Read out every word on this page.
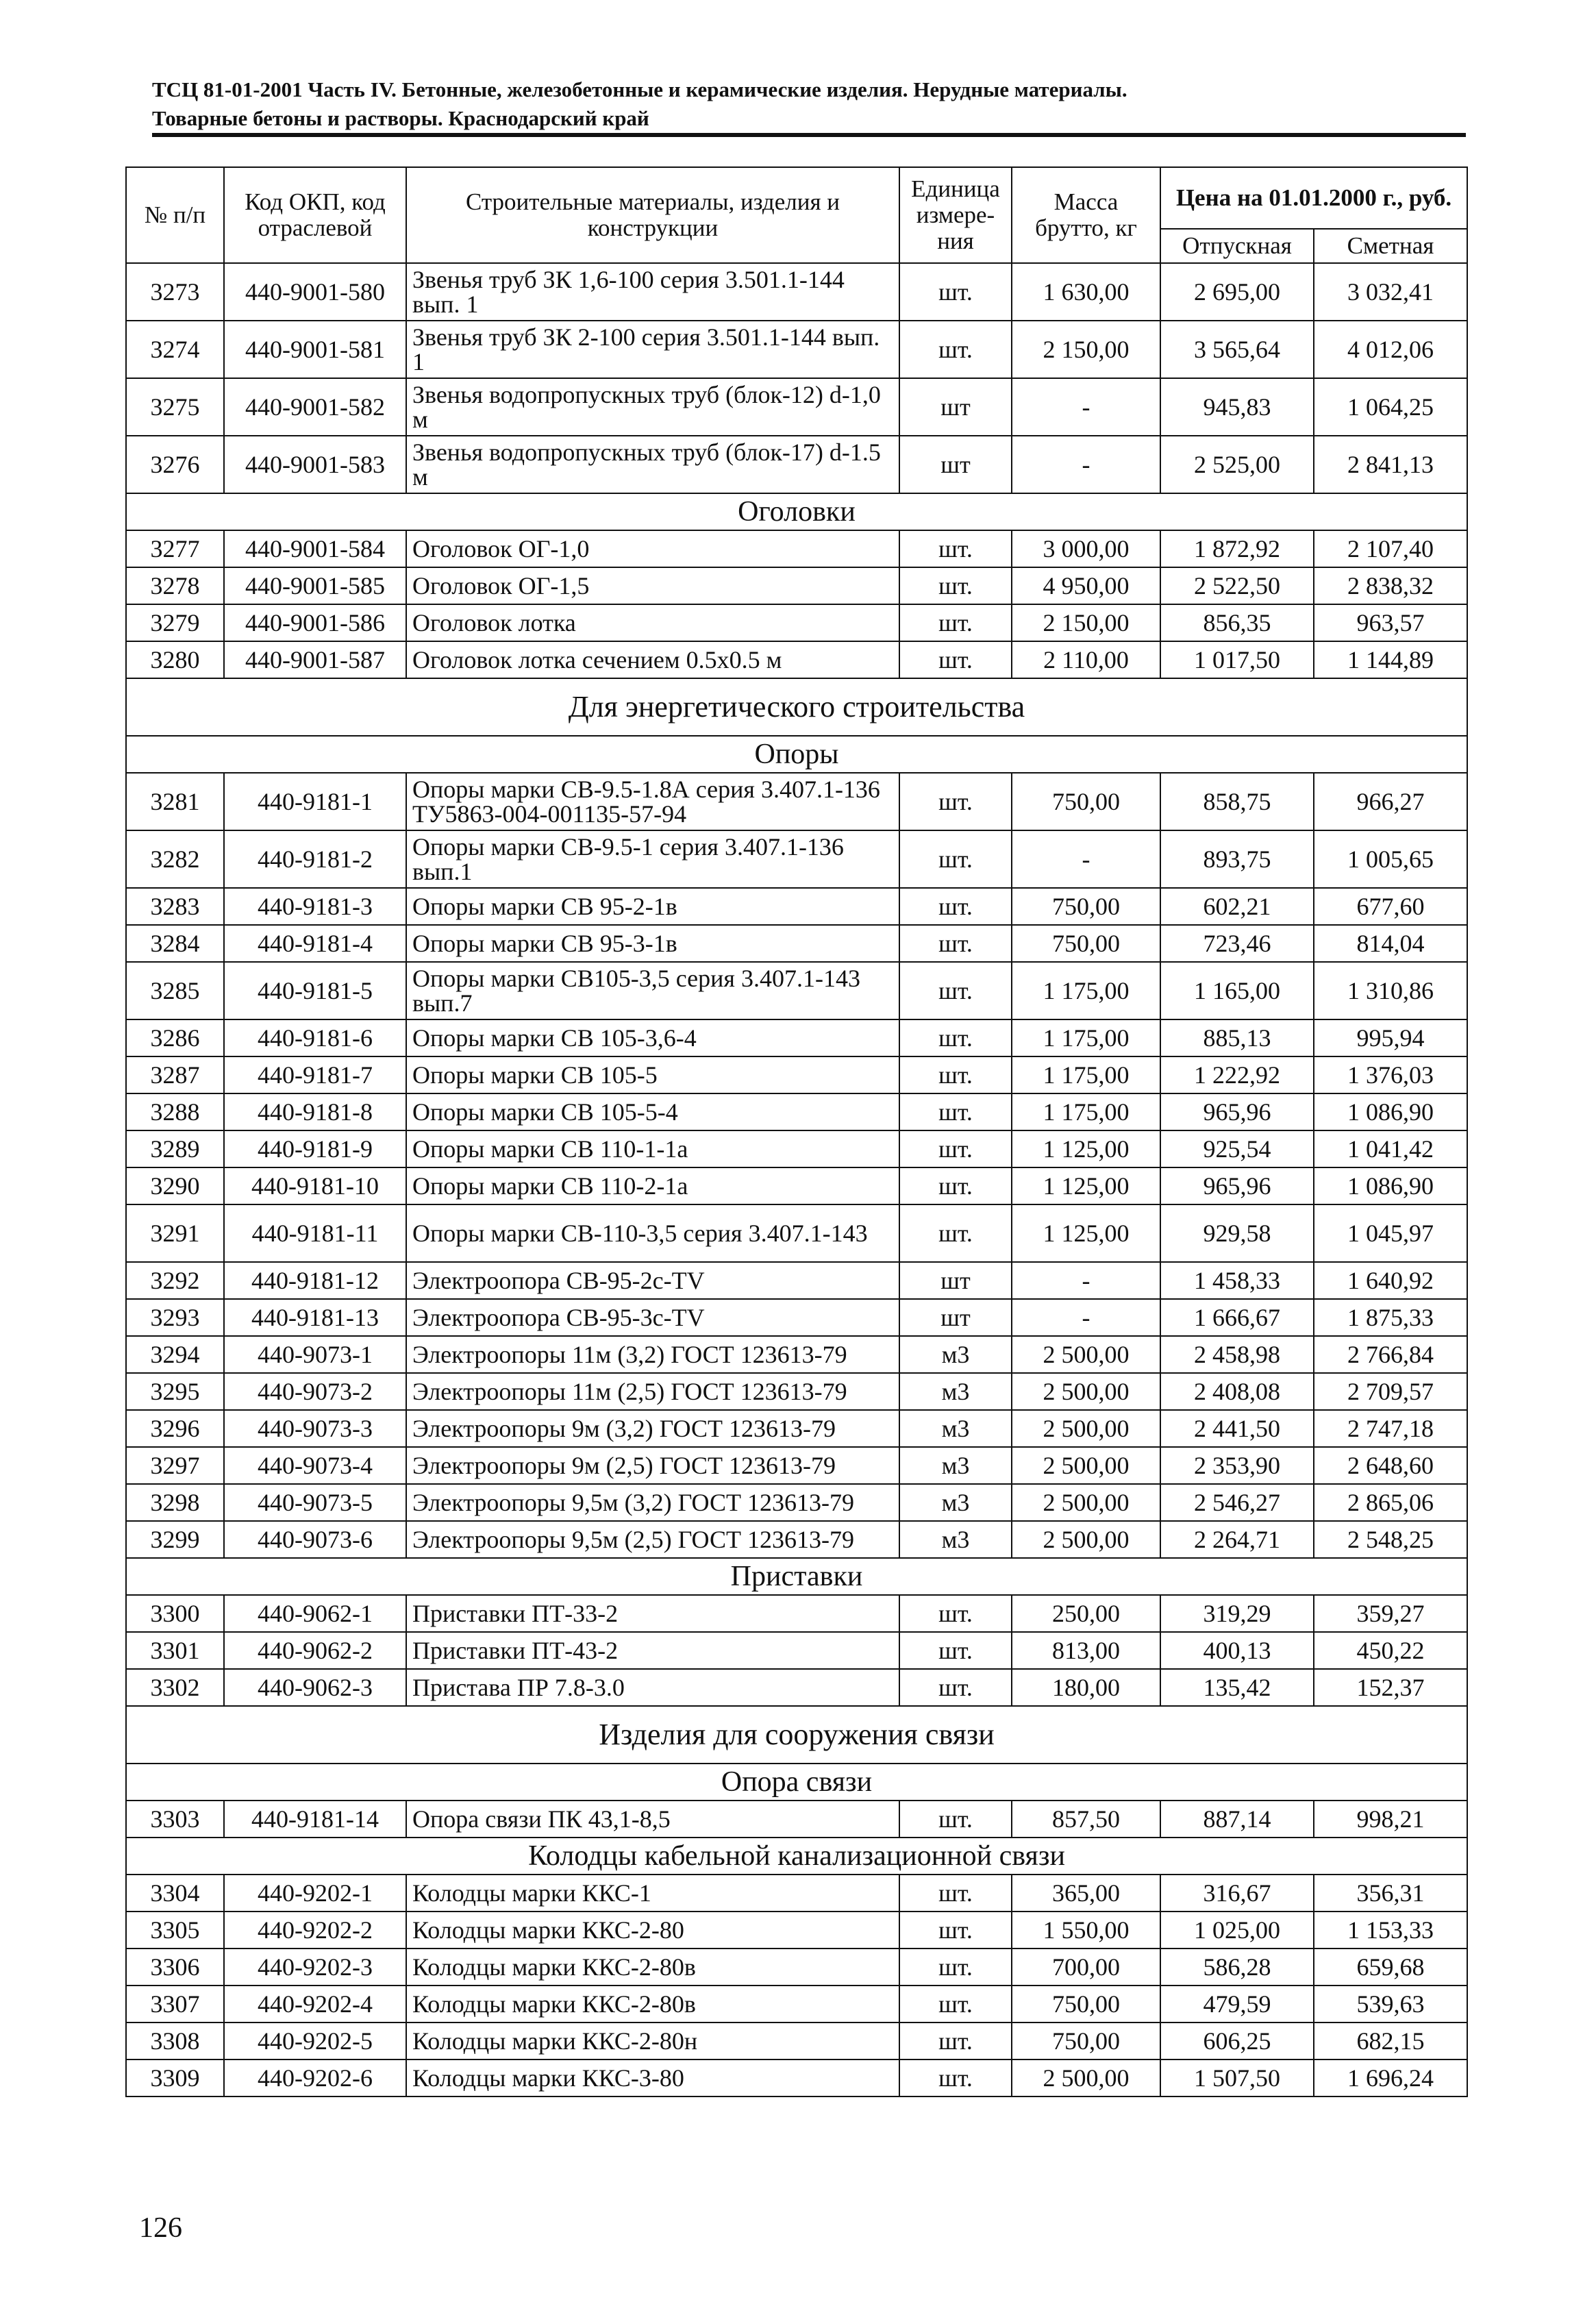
ТСЦ 81-01-2001 Часть IV. Бетонные, железобетонные и керамические изделия. Нерудные материалы.
Товарные бетоны и растворы. Краснодарский край
№ п/п	Код ОКП, код отраслевой	Строительные материалы, изделия и конструкции	Единица измере-ния	Масса брутто, кг	Цена на 01.01.2000 г., руб.	
					Отпускная	Сметная
3273	440-9001-580	Звенья труб ЗК 1,6-100 серия 3.501.1-144 вып. 1	шт.	1 630,00	2 695,00	3 032,41
3274	440-9001-581	Звенья труб ЗК 2-100 серия 3.501.1-144 вып. 1	шт.	2 150,00	3 565,64	4 012,06
3275	440-9001-582	Звенья водопропускных труб (блок-12) d-1,0 м	шт	-	945,83	1 064,25
3276	440-9001-583	Звенья водопропускных труб (блок-17) d-1.5 м	шт	-	2 525,00	2 841,13
Оголовки						
3277	440-9001-584	Оголовок ОГ-1,0	шт.	3 000,00	1 872,92	2 107,40
3278	440-9001-585	Оголовок ОГ-1,5	шт.	4 950,00	2 522,50	2 838,32
3279	440-9001-586	Оголовок лотка	шт.	2 150,00	856,35	963,57
3280	440-9001-587	Оголовок лотка сечением 0.5х0.5 м	шт.	2 110,00	1 017,50	1 144,89
Для энергетического строительства						
Опоры						
3281	440-9181-1	Опоры марки СВ-9.5-1.8А серия 3.407.1-136 ТУ5863-004-001135-57-94	шт.	750,00	858,75	966,27
3282	440-9181-2	Опоры марки СВ-9.5-1 серия 3.407.1-136 вып.1	шт.	-	893,75	1 005,65
3283	440-9181-3	Опоры марки СВ 95-2-1в	шт.	750,00	602,21	677,60
3284	440-9181-4	Опоры марки СВ 95-3-1в	шт.	750,00	723,46	814,04
3285	440-9181-5	Опоры марки СВ105-3,5 серия 3.407.1-143 вып.7	шт.	1 175,00	1 165,00	1 310,86
3286	440-9181-6	Опоры марки СВ 105-3,6-4	шт.	1 175,00	885,13	995,94
3287	440-9181-7	Опоры марки СВ 105-5	шт.	1 175,00	1 222,92	1 376,03
3288	440-9181-8	Опоры марки СВ 105-5-4	шт.	1 175,00	965,96	1 086,90
3289	440-9181-9	Опоры марки СВ 110-1-1а	шт.	1 125,00	925,54	1 041,42
3290	440-9181-10	Опоры марки СВ 110-2-1а	шт.	1 125,00	965,96	1 086,90
3291	440-9181-11	Опоры марки СВ-110-3,5 серия 3.407.1-143	шт.	1 125,00	929,58	1 045,97
3292	440-9181-12	Электроопора СВ-95-2с-TV	шт	-	1 458,33	1 640,92
3293	440-9181-13	Электроопора СВ-95-3с-TV	шт	-	1 666,67	1 875,33
3294	440-9073-1	Электроопоры 11м (3,2) ГОСТ 123613-79	м3	2 500,00	2 458,98	2 766,84
3295	440-9073-2	Электроопоры 11м (2,5) ГОСТ 123613-79	м3	2 500,00	2 408,08	2 709,57
3296	440-9073-3	Электроопоры 9м (3,2) ГОСТ 123613-79	м3	2 500,00	2 441,50	2 747,18
3297	440-9073-4	Электроопоры 9м (2,5) ГОСТ 123613-79	м3	2 500,00	2 353,90	2 648,60
3298	440-9073-5	Электроопоры 9,5м (3,2) ГОСТ 123613-79	м3	2 500,00	2 546,27	2 865,06
3299	440-9073-6	Электроопоры 9,5м (2,5) ГОСТ 123613-79	м3	2 500,00	2 264,71	2 548,25
Приставки						
3300	440-9062-1	Приставки ПТ-33-2	шт.	250,00	319,29	359,27
3301	440-9062-2	Приставки ПТ-43-2	шт.	813,00	400,13	450,22
3302	440-9062-3	Пристава ПР 7.8-3.0	шт.	180,00	135,42	152,37
Изделия для сооружения связи						
Опора связи						
3303	440-9181-14	Опора связи ПК 43,1-8,5	шт.	857,50	887,14	998,21
Колодцы кабельной канализационной связи						
3304	440-9202-1	Колодцы марки ККС-1	шт.	365,00	316,67	356,31
3305	440-9202-2	Колодцы марки ККС-2-80	шт.	1 550,00	1 025,00	1 153,33
3306	440-9202-3	Колодцы марки ККС-2-80в	шт.	700,00	586,28	659,68
3307	440-9202-4	Колодцы марки ККС-2-80в	шт.	750,00	479,59	539,63
3308	440-9202-5	Колодцы марки ККС-2-80н	шт.	750,00	606,25	682,15
3309	440-9202-6	Колодцы марки ККС-3-80	шт.	2 500,00	1 507,50	1 696,24
126
